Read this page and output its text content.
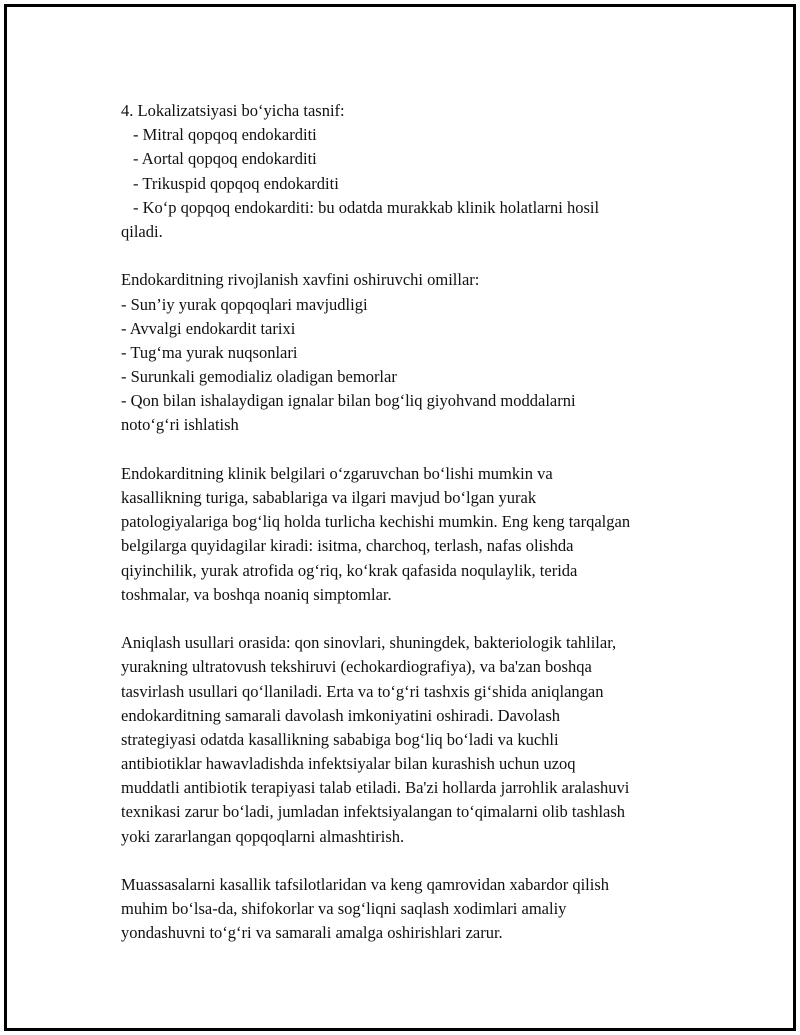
4. Lokalizatsiyasi bo‘yicha tasnif:
- Mitral qopqoq endokarditi
- Aortal qopqoq endokarditi
- Trikuspid qopqoq endokarditi
- Ko‘p qopqoq endokarditi: bu odatda murakkab klinik holatlarni hosil
qiladi.
Endokarditning rivojlanish xavfini oshiruvchi omillar:
- Sun’iy yurak qopqoqlari mavjudligi
- Avvalgi endokardit tarixi
- Tug‘ma yurak nuqsonlari
- Surunkali gemodializ oladigan bemorlar
- Qon bilan ishalaydigan ignalar bilan bog‘liq giyohvand moddalarni
noto‘g‘ri ishlatish
Endokarditning klinik belgilari o‘zgaruvchan bo‘lishi mumkin va
kasallikning turiga, sabablariga va ilgari mavjud bo‘lgan yurak
patologiyalariga bog‘liq holda turlicha kechishi mumkin. Eng keng tarqalgan
belgilarga quyidagilar kiradi: isitma, charchoq, terlash, nafas olishda
qiyinchilik, yurak atrofida og‘riq, ko‘krak qafasida noqulaylik, terida
toshmalar, va boshqa noaniq simptomlar.
Aniqlash usullari orasida: qon sinovlari, shuningdek, bakteriologik tahlilar,
yurakning ultratovush tekshiruvi (echokardiografiya), va ba'zan boshqa
tasvirlash usullari qo‘llaniladi. Erta va to‘g‘ri tashxis gi‘shida aniqlangan
endokarditning samarali davolash imkoniyatini oshiradi. Davolash
strategiyasi odatda kasallikning sababiga bog‘liq bo‘ladi va kuchli
antibiotiklar hawavladishda infektsiyalar bilan kurashish uchun uzoq
muddatli antibiotik terapiyasi talab etiladi. Ba'zi hollarda jarrohlik aralashuvi
texnikasi zarur bo‘ladi, jumladan infektsiyalangan to‘qimalarni olib tashlash
yoki zararlangan qopqoqlarni almashtirish.
Muassasalarni kasallik tafsilotlaridan va keng qamrovidan xabardor qilish
muhim bo‘lsa-da, shifokorlar va sog‘liqni saqlash xodimlari amaliy
yondashuvni to‘g‘ri va samarali amalga oshirishlari zarur.
